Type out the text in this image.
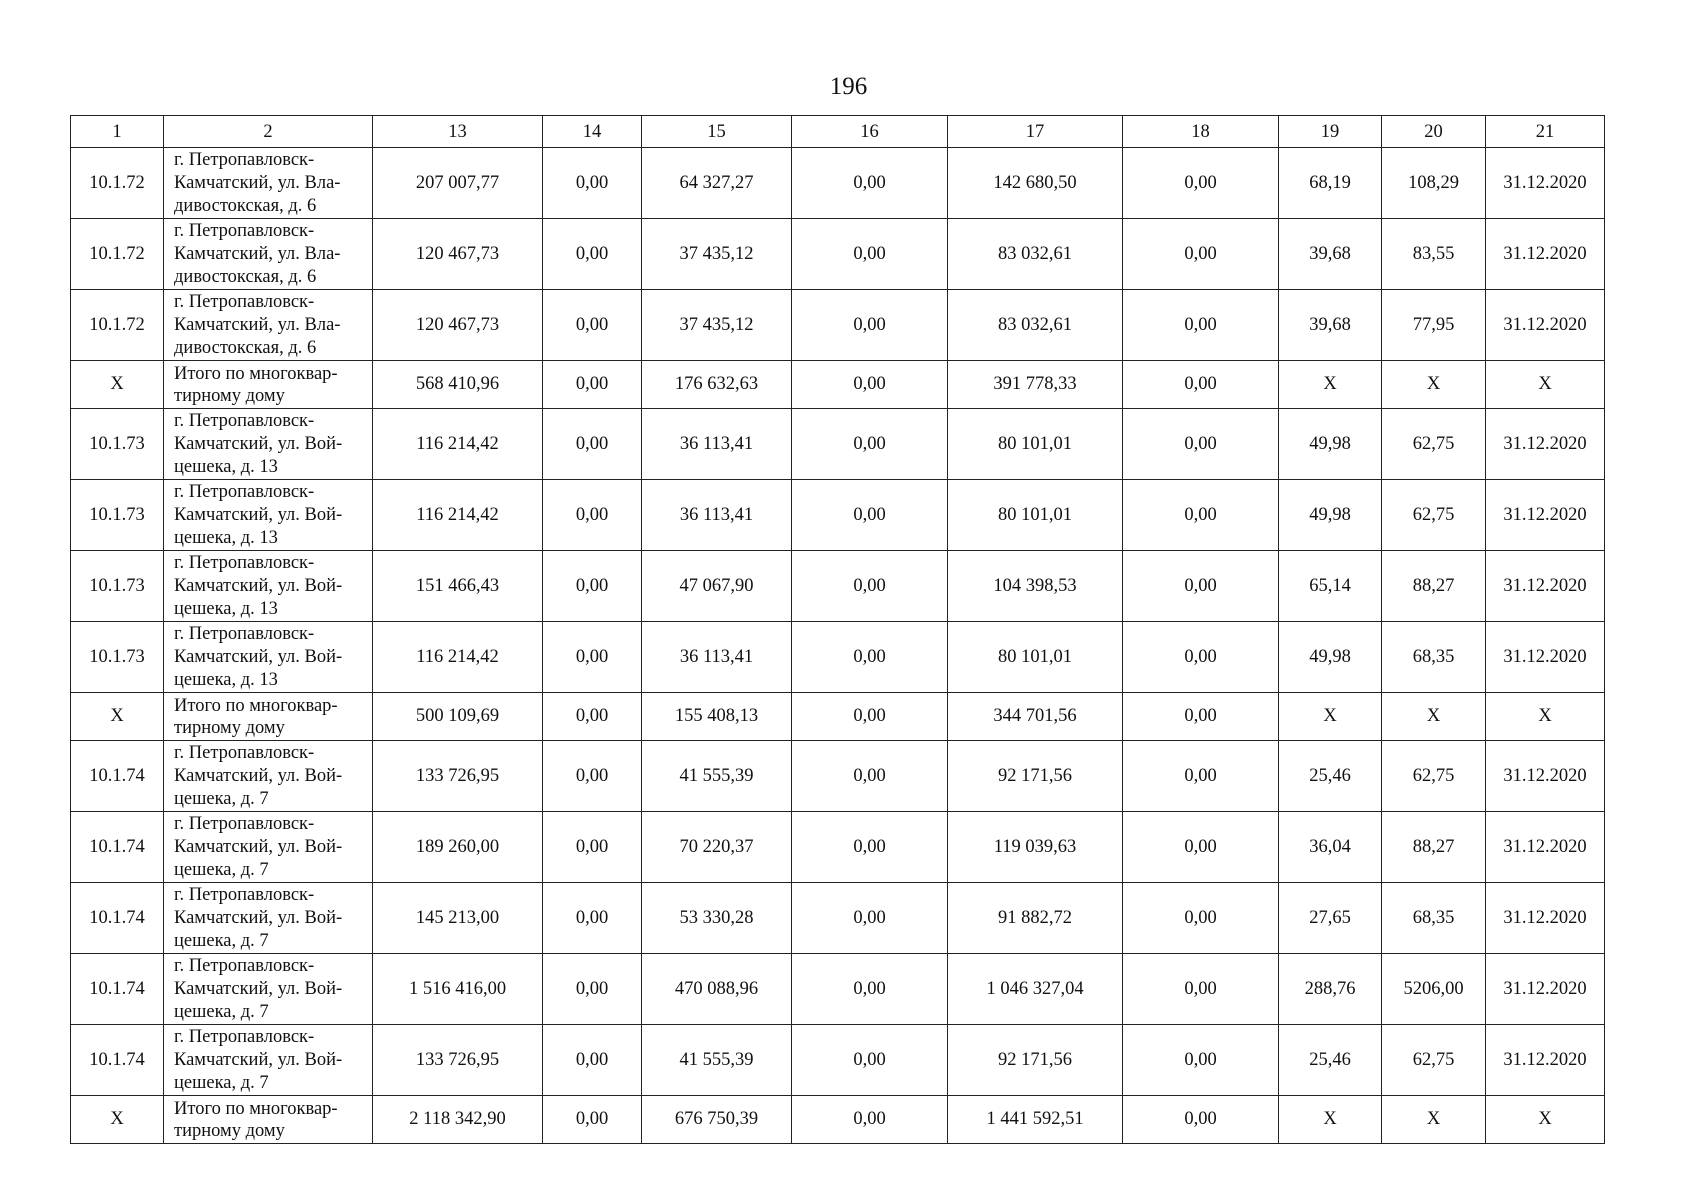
196
1	2	13	14	15	16	17	18	19	20	21
10.1.72	г. Петропавловск-
Камчатский, ул. Вла-
дивостокская, д. 6	207 007,77	0,00	64 327,27	0,00	142 680,50	0,00	68,19	108,29	31.12.2020
10.1.72	г. Петропавловск-
Камчатский, ул. Вла-
дивостокская, д. 6	120 467,73	0,00	37 435,12	0,00	83 032,61	0,00	39,68	83,55	31.12.2020
10.1.72	г. Петропавловск-
Камчатский, ул. Вла-
дивостокская, д. 6	120 467,73	0,00	37 435,12	0,00	83 032,61	0,00	39,68	77,95	31.12.2020
Х	Итого по многоквар-
тирному дому	568 410,96	0,00	176 632,63	0,00	391 778,33	0,00	Х	Х	Х
10.1.73	г. Петропавловск-
Камчатский, ул. Вой-
цешека, д. 13	116 214,42	0,00	36 113,41	0,00	80 101,01	0,00	49,98	62,75	31.12.2020
10.1.73	г. Петропавловск-
Камчатский, ул. Вой-
цешека, д. 13	116 214,42	0,00	36 113,41	0,00	80 101,01	0,00	49,98	62,75	31.12.2020
10.1.73	г. Петропавловск-
Камчатский, ул. Вой-
цешека, д. 13	151 466,43	0,00	47 067,90	0,00	104 398,53	0,00	65,14	88,27	31.12.2020
10.1.73	г. Петропавловск-
Камчатский, ул. Вой-
цешека, д. 13	116 214,42	0,00	36 113,41	0,00	80 101,01	0,00	49,98	68,35	31.12.2020
Х	Итого по многоквар-
тирному дому	500 109,69	0,00	155 408,13	0,00	344 701,56	0,00	Х	Х	Х
10.1.74	г. Петропавловск-
Камчатский, ул. Вой-
цешека, д. 7	133 726,95	0,00	41 555,39	0,00	92 171,56	0,00	25,46	62,75	31.12.2020
10.1.74	г. Петропавловск-
Камчатский, ул. Вой-
цешека, д. 7	189 260,00	0,00	70 220,37	0,00	119 039,63	0,00	36,04	88,27	31.12.2020
10.1.74	г. Петропавловск-
Камчатский, ул. Вой-
цешека, д. 7	145 213,00	0,00	53 330,28	0,00	91 882,72	0,00	27,65	68,35	31.12.2020
10.1.74	г. Петропавловск-
Камчатский, ул. Вой-
цешека, д. 7	1 516 416,00	0,00	470 088,96	0,00	1 046 327,04	0,00	288,76	5206,00	31.12.2020
10.1.74	г. Петропавловск-
Камчатский, ул. Вой-
цешека, д. 7	133 726,95	0,00	41 555,39	0,00	92 171,56	0,00	25,46	62,75	31.12.2020
Х	Итого по многоквар-
тирному дому	2 118 342,90	0,00	676 750,39	0,00	1 441 592,51	0,00	Х	Х	Х
